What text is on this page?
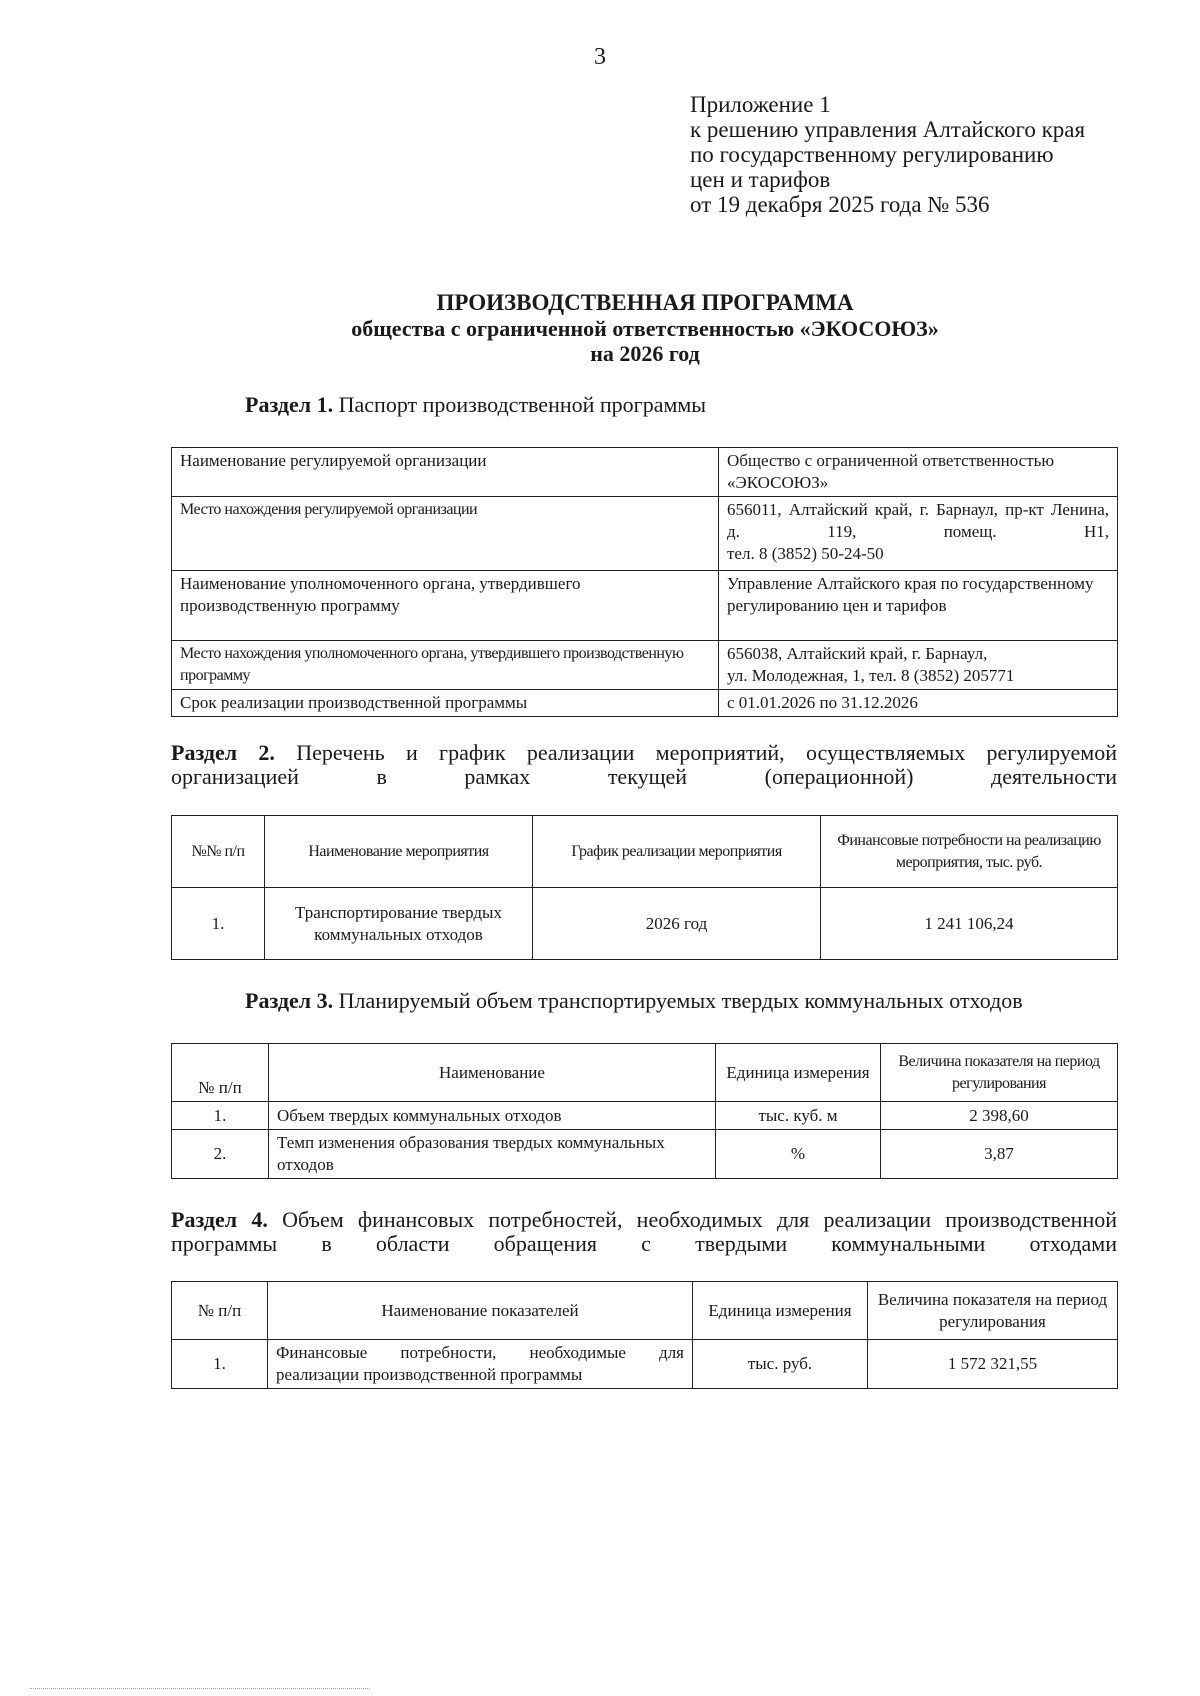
3
Приложение 1
к решению управления Алтайского края
по государственному регулированию
цен и тарифов
от 19 декабря 2025 года № 536
ПРОИЗВОДСТВЕННАЯ ПРОГРАММА
общества с ограниченной ответственностью «ЭКОСОЮЗ»
на 2026 год
Раздел 1. Паспорт производственной программы
Наименование регулируемой организации	Общество с ограниченной ответственностью «ЭКОСОЮЗ»
Место нахождения регулируемой организации	656011, Алтайский край, г. Барнаул, пр-кт Ленина, д. 119, помещ. Н1,
тел. 8 (3852) 50-24-50

Наименование уполномоченного органа, утвердившего производственную программу	Управление Алтайского края по государственному регулированию цен и тарифов
Место нахождения уполномоченного органа, утвердившего производственную программу	656038, Алтайский край, г. Барнаул,
ул. Молодежная, 1, тел. 8 (3852) 205771

Срок реализации производственной программы	с 01.01.2026 по 31.12.2026
Раздел 2. Перечень и график реализации мероприятий, осуществляемых регулируемой организацией в рамках текущей (операционной) деятельности
№№ п/п	Наименование мероприятия	График реализации мероприятия	Финансовые потребности на реализацию мероприятия, тыс. руб.
1.	Транспортирование твердых коммунальных отходов	2026 год	1 241 106,24
Раздел 3. Планируемый объем транспортируемых твердых коммунальных отходов
№ п/п	Наименование	Единица измерения	Величина показателя на период регулирования
1.	Объем твердых коммунальных отходов	тыс. куб. м	2 398,60
2.	Темп изменения образования твердых коммунальных отходов	%	3,87
Раздел 4. Объем финансовых потребностей, необходимых для реализации производственной программы в области обращения с твердыми коммунальными отходами
№ п/п	Наименование показателей	Единица измерения	Величина показателя на период регулирования
1.	Финансовые потребности, необходимые для реализации производственной программы	тыс. руб.	1 572 321,55
